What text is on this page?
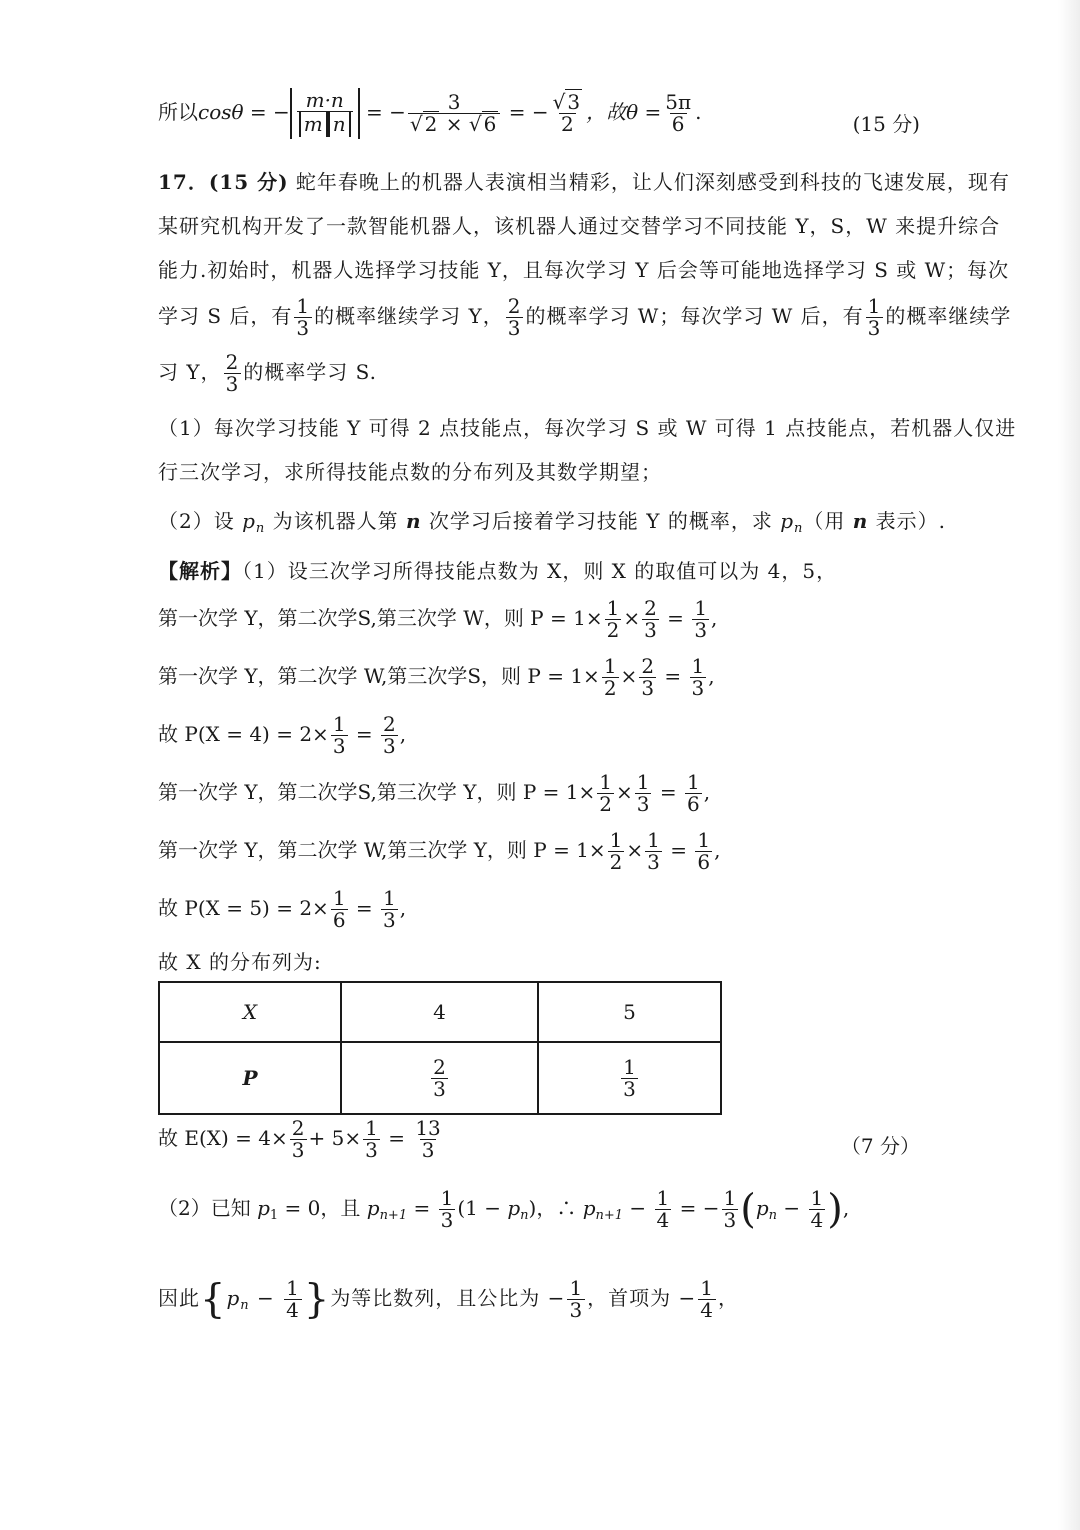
所以cosθ = − $\frac{m\cdot n}{\text{m n}}$ = − $\frac{3}{√ 2 \times √ 6}$ = − $\frac{√ 3}{2}$ ，故$\theta = \frac{5\pi}{6}$ .	(15 分)
17．(15 分) 蛇年春晚上的机器人表演相当精彩，让人们深刻感受到科技的飞速发展，现有
某研究机构开发了一款智能机器人，该机器人通过交替学习不同技能 Y，S，W 来提升综合
能力.初始时，机器人选择学习技能 Y，且每次学习 Y 后会等可能地选择学习 S 或 W；每次
学习 S 后，有 $\frac{1}{3}$ 的概率继续学习 Y， $\frac{2}{3}$ 的概率学习 W；每次学习 W 后，有 $\frac{1}{3}$ 的概率继续学
习 Y， $\frac{2}{3}$ 的概率学习 S.
（1）每次学习技能 Y 可得 2 点技能点，每次学习 S 或 W 可得 1 点技能点，若机器人仅进
行三次学习，求所得技能点数的分布列及其数学期望；
（2）设 $p_n$ 为该机器人第 n 次学习后接着学习技能 Y 的概率，求 $p_n$（用 n 表示）.
【解析】（1）设三次学习所得技能点数为 X，则 X 的取值可以为 4，5，
第一次学 Y，第二次学S,第三次学 W，则 $P = 1\times \frac{1}{2} \times \frac{2}{3} = \frac{1}{3}$ ,
第一次学 Y，第二次学 W,第三次学S，则 $P = 1\times \frac{1}{2} \times \frac{2}{3} = \frac{1}{3}$ ,
故 $P(X = 4) = 2\times \frac{1}{3} = \frac{2}{3}$ ,
第一次学 Y，第二次学S,第三次学 Y，则 $P = 1\times \frac{1}{2} \times \frac{1}{3} = \frac{1}{6}$ ,
第一次学 Y，第二次学 W,第三次学 Y，则 $P = 1\times \frac{1}{2} \times \frac{1}{3} = \frac{1}{6}$ ,
故 $P(X = 5) = 2\times \frac{1}{6} = \frac{1}{3}$ ,
故 X 的分布列为:
X	4	5
P	$\frac{2}{3}$	$\frac{1}{3}$
故 $E(X) = 4\times \frac{2}{3} + 5\times \frac{1}{3} = \frac{13}{3}$	（7 分）
（2）已知 $p_1 = 0$，且 $p_{n+1} = \frac{1}{3} (1 - p_n)$，∴ $p_{n+1} - \frac{1}{4}$ = − $\frac{1}{3} (p_n - \frac{1}{4}$ ),
因此{$p_n - \frac{1}{4}$ }为等比数列，且公比为 − $\frac{1}{3}$ ，首项为 − $\frac{1}{4}$ ，
